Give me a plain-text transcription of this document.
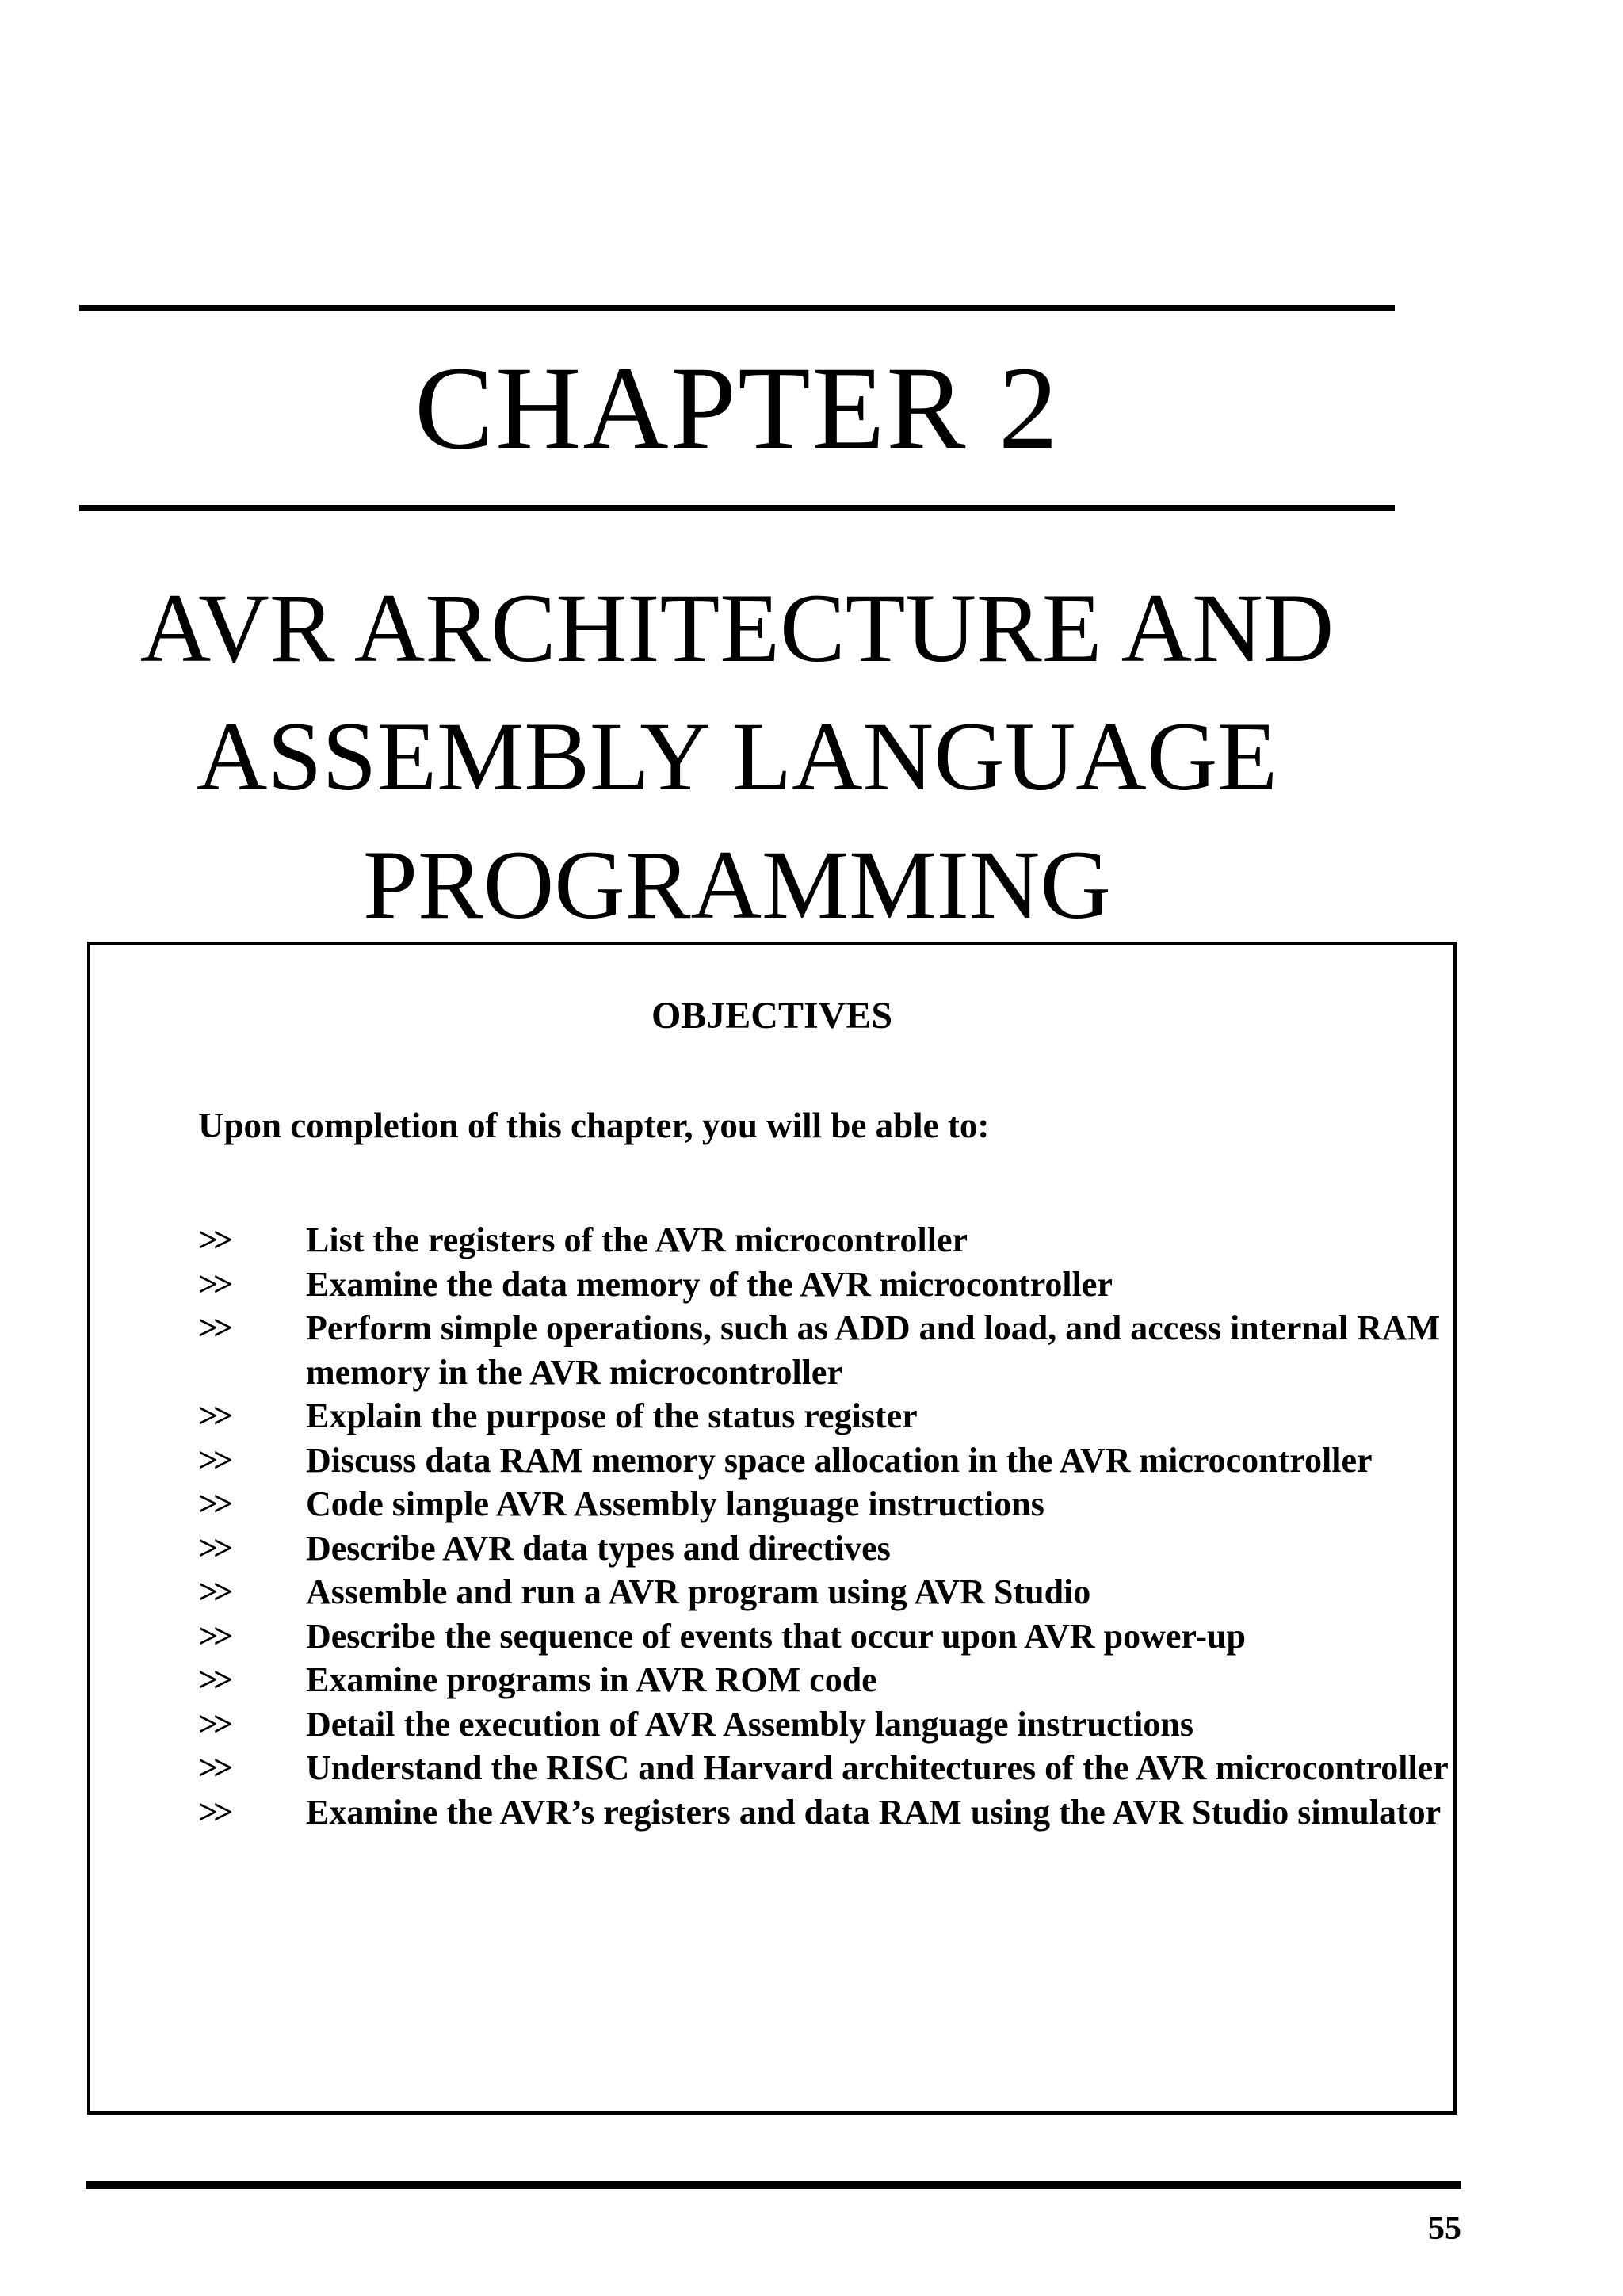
CHAPTER 2
AVR ARCHITECTURE AND
ASSEMBLY LANGUAGE
PROGRAMMING
OBJECTIVES
Upon completion of this chapter, you will be able to:
>>	List the registers of the AVR microcontroller
>>	Examine the data memory of the AVR microcontroller
>>	Perform simple operations, such as ADD and load, and access internal RAM memory in the AVR microcontroller
>>	Explain the purpose of the status register
>>	Discuss data RAM memory space allocation in the AVR microcontroller
>>	Code simple AVR Assembly language instructions
>>	Describe AVR data types and directives
>>	Assemble and run a AVR program using AVR Studio
>>	Describe the sequence of events that occur upon AVR power-up
>>	Examine programs in AVR ROM code
>>	Detail the execution of AVR Assembly language instructions
>>	Understand the RISC and Harvard architectures of the AVR microcontroller
>>	Examine the AVR’s registers and data RAM using the AVR Studio simulator
55
